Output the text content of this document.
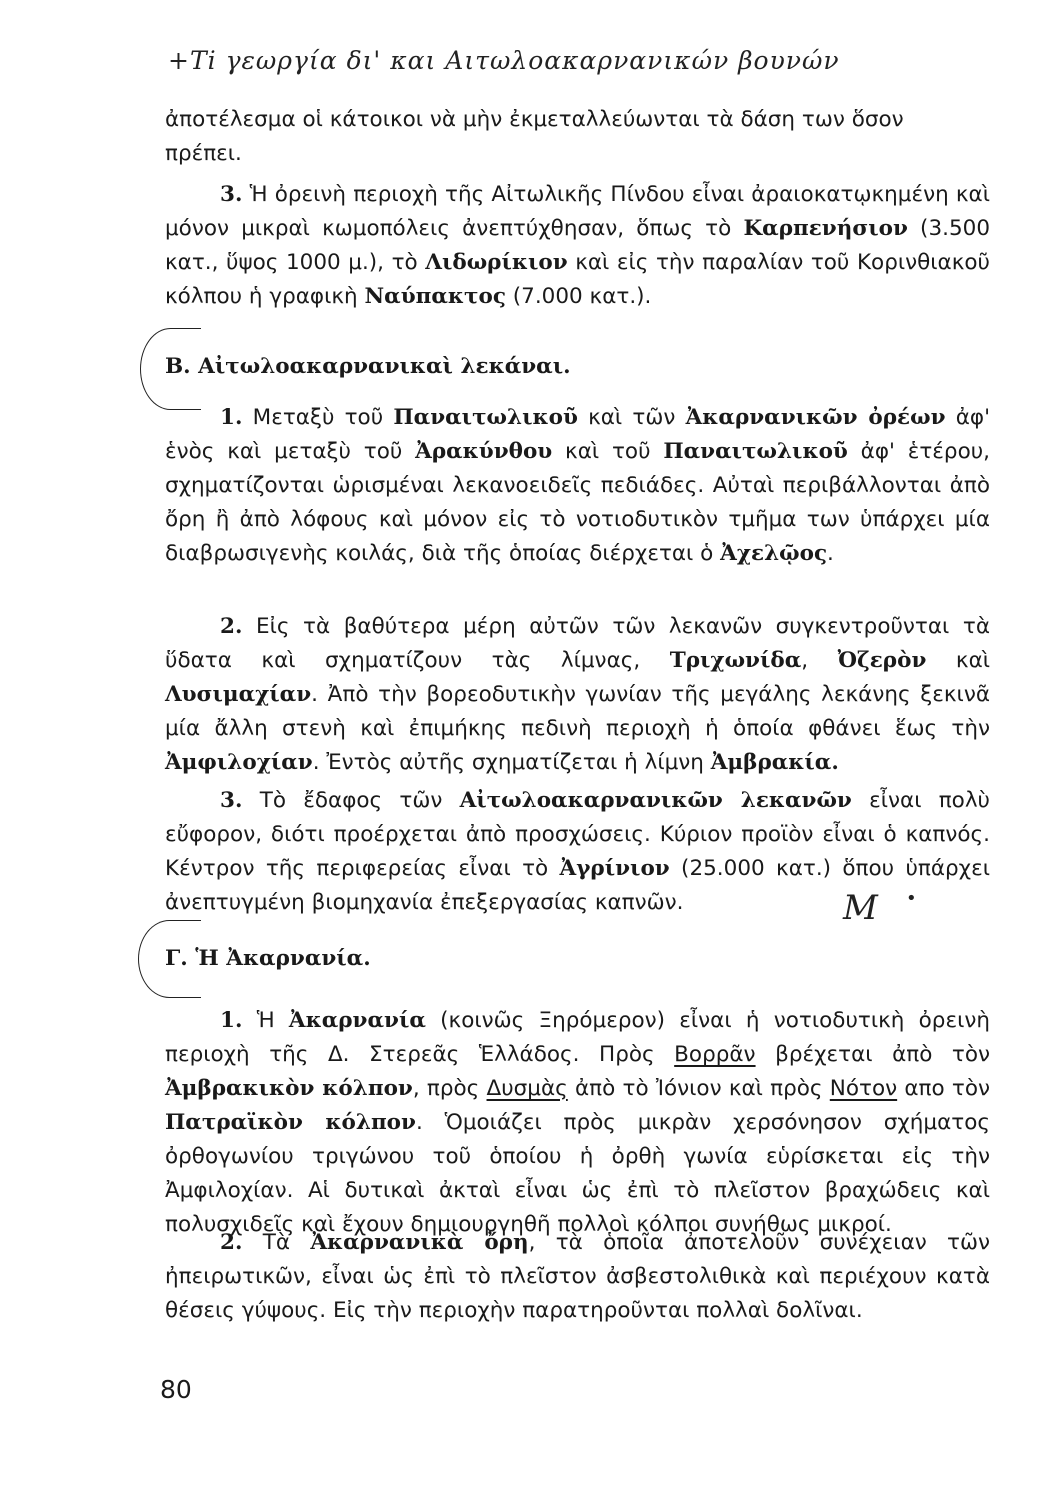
+Ti γεωργία δι' και Αιτωλοακαρνανικών βουνών

ἀποτέλεσμα οἱ κάτοικοι νὰ μὴν ἐκμεταλλεύωνται τὰ δάση των ὅσον

πρέπει.

3. Ἡ ὀρεινὴ περιοχὴ τῆς Αἰτωλικῆς Πίνδου εἶναι ἀραιοκατῳκημένη καὶ μόνον μικραὶ κωμοπόλεις ἀνεπτύχθησαν, ὅπως τὸ Καρπενήσιον (3.500 κατ., ὕψος 1000 μ.), τὸ Λιδωρίκιον καὶ εἰς τὴν παραλίαν τοῦ Κορινθιακοῦ κόλπου ἡ γραφικὴ Ναύπακτος (7.000 κατ.).

Β. Αἰτωλοακαρνανικαὶ λεκάναι.

1. Μεταξὺ τοῦ Παναιτωλικοῦ καὶ τῶν Ἀκαρνανικῶν ὀρέων ἀφ' ἑνὸς καὶ μεταξὺ τοῦ Ἀρακύνθου καὶ τοῦ Παναιτωλικοῦ ἀφ' ἑτέρου, σχηματίζονται ὡρισμέναι λεκανοειδεῖς πεδιάδες. Αὐταὶ περιβάλλονται ἀπὸ ὄρη ἢ ἀπὸ λόφους καὶ μόνον εἰς τὸ νοτιοδυτικὸν τμῆμα των ὑπάρχει μία διαβρωσιγενὴς κοιλάς, διὰ τῆς ὁποίας διέρχεται ὁ Ἀχελῷος.

2. Εἰς τὰ βαθύτερα μέρη αὐτῶν τῶν λεκανῶν συγκεντροῦνται τὰ ὕδατα καὶ σχηματίζουν τὰς λίμνας, Τριχωνίδα, Ὀζερὸν καὶ Λυσιμαχίαν. Ἀπὸ τὴν βορεοδυτικὴν γωνίαν τῆς μεγάλης λεκάνης ξεκινᾶ μία ἄλλη στενὴ καὶ ἐπιμήκης πεδινὴ περιοχὴ ἡ ὁποία φθάνει ἕως τὴν Ἀμφιλοχίαν. Ἐντὸς αὐτῆς σχηματίζεται ἡ λίμνη Ἀμβρακία.

3. Τὸ ἔδαφος τῶν Αἰτωλοακαρνανικῶν λεκανῶν εἶναι πολὺ εὔφορον, διότι προέρχεται ἀπὸ προσχώσεις. Κύριον προϊὸν εἶναι ὁ καπνός. Κέντρον τῆς περιφερείας εἶναι τὸ Ἀγρίνιον (25.000 κατ.) ὅπου ὑπάρχει ἀνεπτυγμένη βιομηχανία ἐπεξεργασίας καπνῶν.	M •
Γ. Ἡ Ἀκαρνανία.

1. Ἡ Ἀκαρνανία (κοινῶς Ξηρόμερον) εἶναι ἡ νοτιοδυτικὴ ὀρεινὴ περιοχὴ τῆς Δ. Στερεᾶς Ἑλλάδος. Πρὸς Βορρᾶν βρέχεται ἀπὸ τὸν Ἀμβρακικὸν κόλπον, πρὸς Δυσμὰς ἀπὸ τὸ Ἰόνιον καὶ πρὸς Νότον απο τὸν Πατραϊκὸν κόλπον. Ὁμοιάζει πρὸς μικρὰν χερσόνησον σχήματος ὀρθογωνίου τριγώνου τοῦ ὁποίου ἡ ὀρθὴ γωνία εὑρίσκεται εἰς τὴν Ἀμφιλοχίαν. Αἱ δυτικαὶ ἀκταὶ εἶναι ὡς ἐπὶ τὸ πλεῖστον βραχώδεις καὶ πολυσχιδεῖς καὶ ἔχουν δημιουργηθῆ πολλοὶ κόλποι συνήθως μικροί.

2. Τὰ Ἀκαρνανικὰ ὄρη, τὰ ὁποῖα ἀποτελοῦν συνέχειαν τῶν ἠπειρωτικῶν, εἶναι ὡς ἐπὶ τὸ πλεῖστον ἀσβεστολιθικὰ καὶ περιέχουν κατὰ θέσεις γύψους. Εἰς τὴν περιοχὴν παρατηροῦνται πολλαὶ δολῖναι.

80
